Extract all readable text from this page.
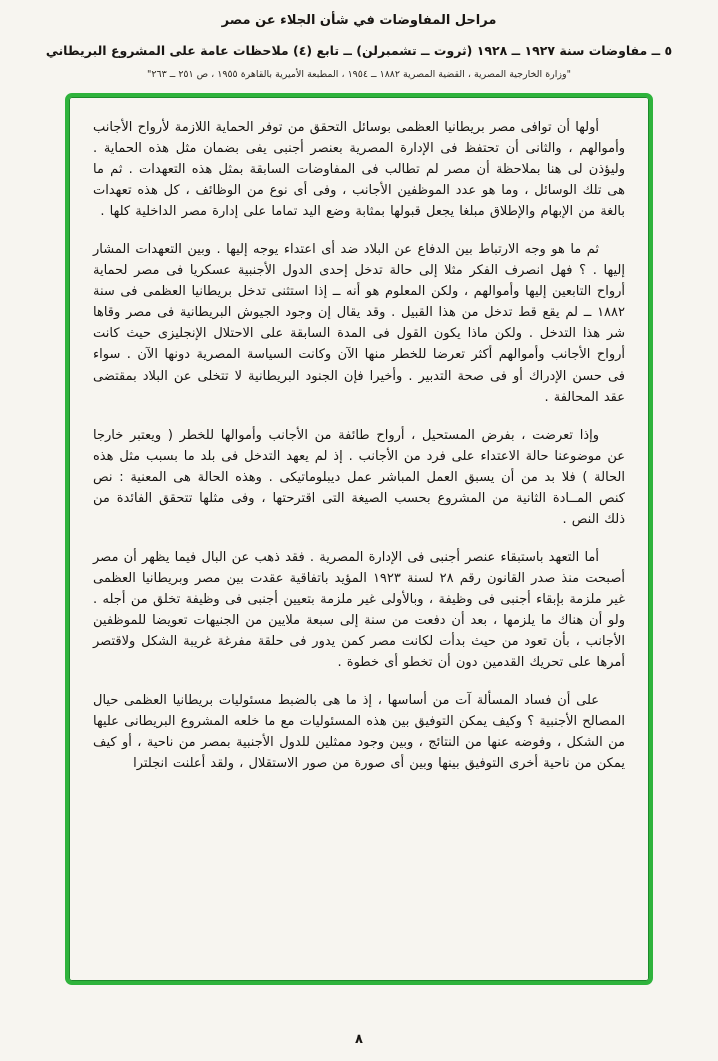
مراحل المفاوضات في شأن الجلاء عن مصر
٥ ــ مفاوضات سنة ١٩٢٧ ــ ١٩٢٨ (ثروت ــ تشمبرلن) ــ تابع (٤) ملاحظات عامة على المشروع البريطاني
"وزارة الخارجية المصرية ، القضية المصرية ١٨٨٢ ــ ١٩٥٤ ، المطبعة الأميرية بالقاهرة ١٩٥٥ ، ص ٢٥١ ــ ٢٦٣"

أولها أن توافى مصر بريطانيا العظمى بوسائل التحقق من توفر الحماية اللازمة لأرواح الأجانب وأموالهم ، والثانى أن تحتفظ فى الإدارة المصرية بعنصر أجنبى يفى بضمان مثل هذه الحماية . وليؤذن لى هنا بملاحظة أن مصر لم تطالب فى المفاوضات السابقة بمثل هذه التعهدات . ثم ما هى تلك الوسائل ، وما هو عدد الموظفين الأجانب ، وفى أى نوع من الوظائف ، كل هذه تعهدات بالغة من الإبهام والإطلاق مبلغا يجعل قبولها بمثابة وضع اليد تماما على إدارة مصر الداخلية كلها .

ثم ما هو وجه الارتباط بين الدفاع عن البلاد ضد أى اعتداء يوجه إليها . وبين التعهدات المشار إليها . ؟ فهل انصرف الفكر مثلا إلى حالة تدخل إحدى الدول الأجنبية عسكريا فى مصر لحماية أرواح التابعين إليها وأموالهم ، ولكن المعلوم هو أنه ــ إذا استثنى تدخل بريطانيا العظمى فى سنة ١٨٨٢ ــ لم يقع قط تدخل من هذا القبيل . وقد يقال إن وجود الجيوش البريطانية فى مصر وقاها شر هذا التدخل . ولكن ماذا يكون القول فى المدة السابقة على الاحتلال الإنجليزى حيث كانت أرواح الأجانب وأموالهم أكثر تعرضا للخطر منها الآن وكانت السياسة المصرية دونها الآن . سواء فى حسن الإدراك أو فى صحة التدبير . وأخيرا فإن الجنود البريطانية لا تتخلى عن البلاد بمقتضى عقد المحالفة .

وإذا تعرضت ، بفرض المستحيل ، أرواح طائفة من الأجانب وأموالها للخطر ( ويعتبر خارجا عن موضوعنا حالة الاعتداء على فرد من الأجانب . إذ لم يعهد التدخل فى بلد ما بسبب مثل هذه الحالة ) فلا بد من أن يسبق العمل المباشر عمل ديبلوماتيكى . وهذه الحالة هى المعنية : نص كنص المــادة الثانية من المشروع بحسب الصيغة التى اقترحتها ، وفى مثلها تتحقق الفائدة من ذلك النص .

أما التعهد باستبقاء عنصر أجنبى فى الإدارة المصرية . فقد ذهب عن البال فيما يظهر أن مصر أصبحت منذ صدر القانون رقم ٢٨ لسنة ١٩٢٣ المؤيد باتفاقية عقدت بين مصر وبريطانيا العظمى غير ملزمة بإبقاء أجنبى فى وظيفة ، وبالأولى غير ملزمة بتعيين أجنبى فى وظيفة تخلق من أجله . ولو أن هناك ما يلزمها ، بعد أن دفعت من سنة إلى سبعة ملايين من الجنيهات تعويضا للموظفين الأجانب ، بأن تعود من حيث بدأت لكانت مصر كمن يدور فى حلقة مفرغة غريبة الشكل ولاقتصر أمرها على تحريك القدمين دون أن تخطو أى خطوة .

على أن فساد المسألة آت من أساسها ، إذ ما هى بالضبط مسئوليات بريطانيا العظمى حيال المصالح الأجنبية ؟ وكيف يمكن التوفيق بين هذه المسئوليات مع ما خلعه المشروع البريطانى عليها من الشكل ، وفوضه عنها من النتائج ، وبين وجود ممثلين للدول الأجنبية بمصر من ناحية ، أو كيف يمكن من ناحية أخرى التوفيق بينها وبين أى صورة من صور الاستقلال ، ولقد أعلنت انجلترا

٨
